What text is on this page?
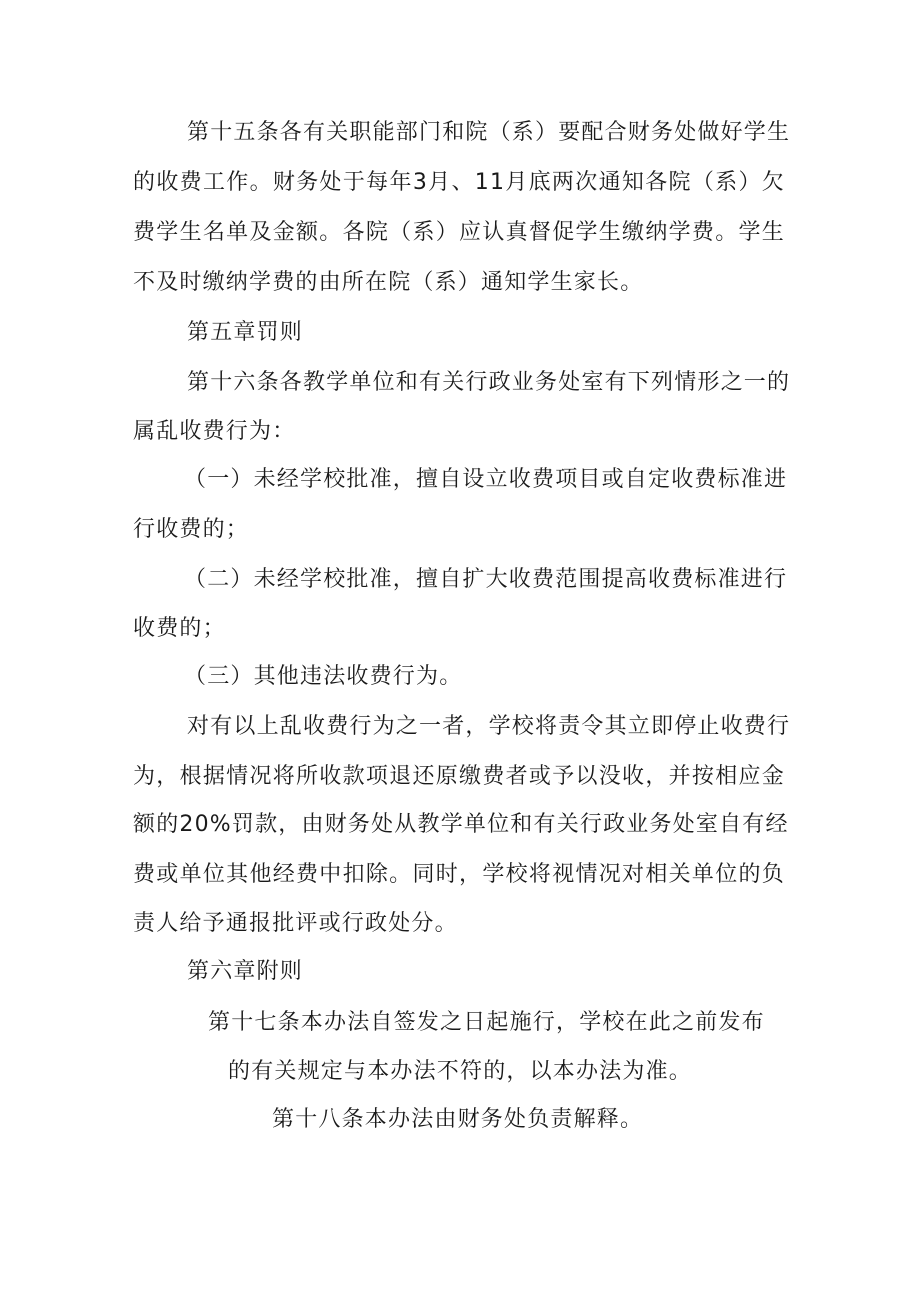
第十五条各有关职能部门和院（系）要配合财务处做好学生
的收费工作。财务处于每年3月、11月底两次通知各院（系）欠
费学生名单及金额。各院（系）应认真督促学生缴纳学费。学生
不及时缴纳学费的由所在院（系）通知学生家长。
第五章罚则
第十六条各教学单位和有关行政业务处室有下列情形之一的
属乱收费行为：
（一）未经学校批准，擅自设立收费项目或自定收费标准进
行收费的；
（二）未经学校批准，擅自扩大收费范围提高收费标准进行
收费的；
（三）其他违法收费行为。
对有以上乱收费行为之一者，学校将责令其立即停止收费行
为，根据情况将所收款项退还原缴费者或予以没收，并按相应金
额的20%罚款，由财务处从教学单位和有关行政业务处室自有经
费或单位其他经费中扣除。同时，学校将视情况对相关单位的负
责人给予通报批评或行政处分。
第六章附则
第十七条本办法自签发之日起施行，学校在此之前发布
的有关规定与本办法不符的，以本办法为准。
第十八条本办法由财务处负责解释。
